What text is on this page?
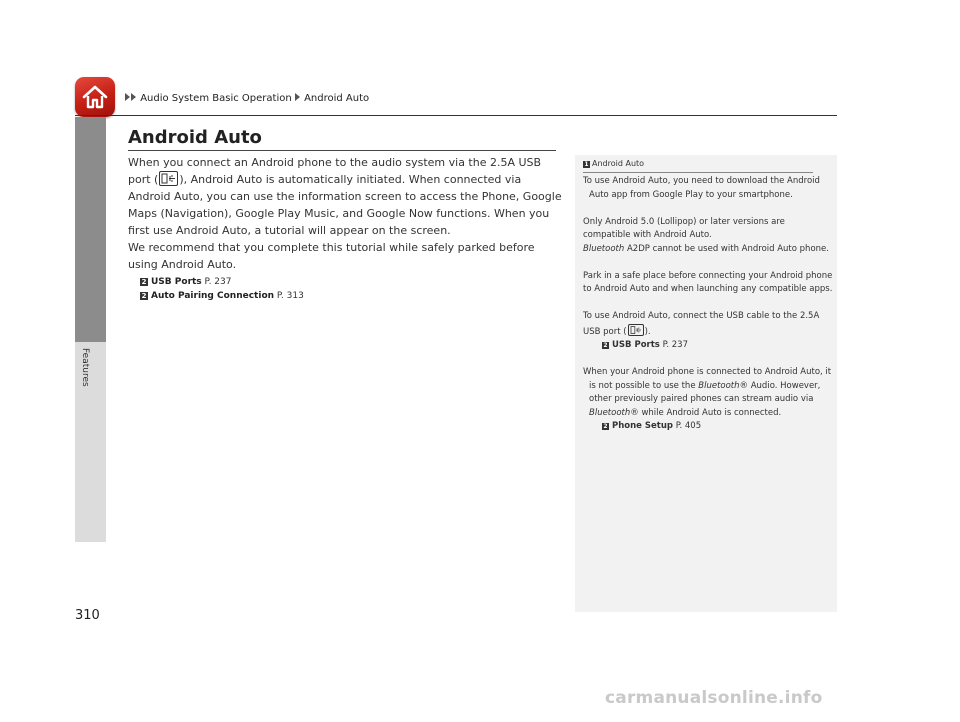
Audio System Basic Operation Android Auto
Features
Android Auto

When you connect an Android phone to the audio system via the 2.5A USB port ( ), Android Auto is automatically initiated. When connected via Android Auto, you can use the information screen to access the Phone, Google Maps (Navigation), Google Play Music, and Google Now functions. When you first use Android Auto, a tutorial will appear on the screen.

We recommend that you complete this tutorial while safely parked before using Android Auto.

2 USB Ports P. 237
2 Auto Pairing Connection P. 313
1 Android Auto

To use Android Auto, you need to download the Android Auto app from Google Play to your smartphone.

Only Android 5.0 (Lollipop) or later versions are compatible with Android Auto.
Bluetooth A2DP cannot be used with Android Auto phone.

Park in a safe place before connecting your Android phone to Android Auto and when launching any compatible apps.

To use Android Auto, connect the USB cable to the 2.5A USB port ( ).

2 USB Ports P. 237

When your Android phone is connected to Android Auto, it is not possible to use the Bluetooth® Audio. However, other previously paired phones can stream audio via Bluetooth® while Android Auto is connected.

2 Phone Setup P. 405
310
carmanualsonline.info
